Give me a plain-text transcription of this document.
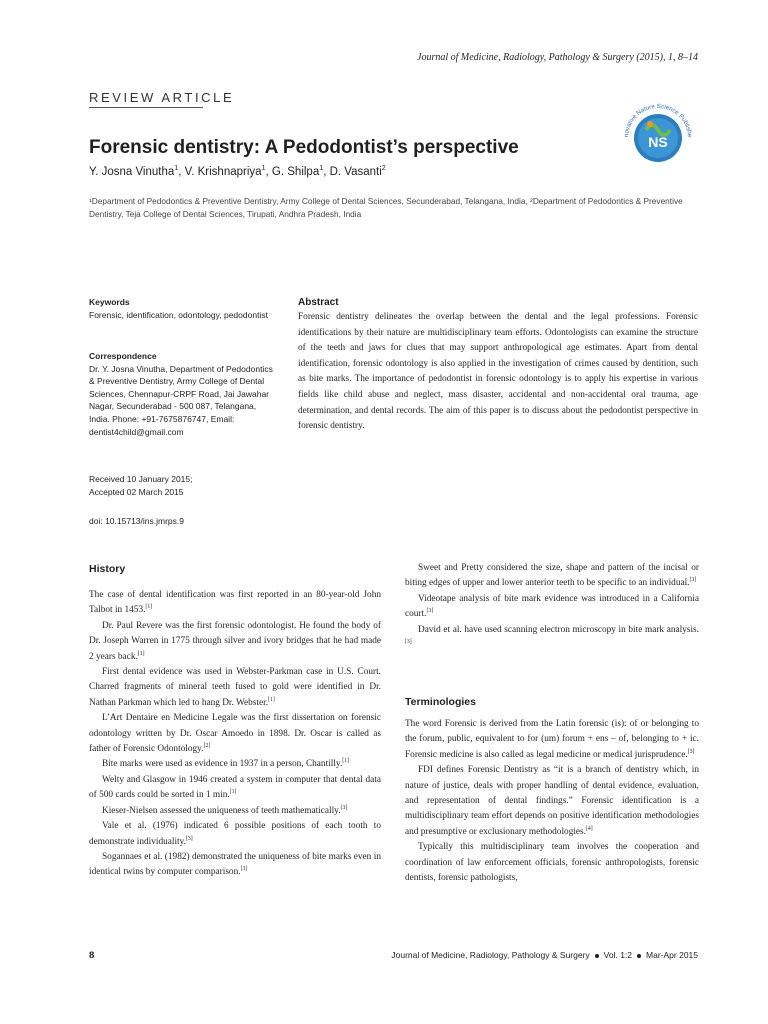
Journal of Medicine, Radiology, Pathology & Surgery (2015), 1, 8–14
REVIEW ARTICLE
NS
novative Nature Science Publishe
Forensic dentistry: A Pedodontist’s perspective
Y. Josna Vinutha$^1$, V. Krishnapriya$^1$, G. Shilpa$^1$, D. Vasanti$^2$
¹Department of Pedodontics & Preventive Dentistry, Army College of Dental Sciences, Secunderabad, Telangana, India, ²Department of Pedodontics & Preventive Dentistry, Teja College of Dental Sciences, Tirupati, Andhra Pradesh, India
Keywords
Forensic, identification, odontology, pedodontist
Correspondence
Dr. Y. Josna Vinutha, Department of Pedodontics & Preventive Dentistry, Army College of Dental Sciences, Chennapur-CRPF Road, Jai Jawahar Nagar, Secunderabad - 500 087, Telangana, India. Phone: +91-7675876747, Email: dentist4child@gmail.com
Received 10 January 2015;
Accepted 02 March 2015
doi: 10.15713/ins.jmrps.9
Abstract
Forensic dentistry delineates the overlap between the dental and the legal professions. Forensic identifications by their nature are multidisciplinary team efforts. Odontologists can examine the structure of the teeth and jaws for clues that may support anthropological age estimates. Apart from dental identification, forensic odontology is also applied in the investigation of crimes caused by dentition, such as bite marks. The importance of pedodontist in forensic odontology is to apply his expertise in various fields like child abuse and neglect, mass disaster, accidental and non-accidental oral trauma, age determination, and dental records. The aim of this paper is to discuss about the pedodontist perspective in forensic dentistry.
History

The case of dental identification was first reported in an 80-year-old John Talbot in 1453.[1]

Dr. Paul Revere was the first forensic odontologist. He found the body of Dr. Joseph Warren in 1775 through silver and ivory bridges that he had made 2 years back.[1]

First dental evidence was used in Webster-Parkman case in U.S. Court. Charred fragments of mineral teeth fused to gold were identified in Dr. Nathan Parkman which led to hang Dr. Webster.[1]

L’Art Dentaire en Medicine Legale was the first dissertation on forensic odontology written by Dr. Oscar Amoedo in 1898. Dr. Oscar is called as father of Forensic Odontology.[2]

Bite marks were used as evidence in 1937 in a person, Chantilly.[1]

Welty and Glasgow in 1946 created a system in computer that dental data of 500 cards could be sorted in 1 min.[1]

Kieser-Nielsen assessed the uniqueness of teeth mathematically.[3]

Vale et al. (1976) indicated 6 possible positions of each tooth to demonstrate individuality.[3]

Sogannaes et al. (1982) demonstrated the uniqueness of bite marks even in identical twins by computer comparison.[3]

Sweet and Pretty considered the size, shape and pattern of the incisal or biting edges of upper and lower anterior teeth to be specific to an individual.[3]

Videotape analysis of bite mark evidence was introduced in a California court.[3]

David et al. have used scanning electron microscopy in bite mark analysis.[3]

Terminologies

The word Forensic is derived from the Latin forensic (is): of or belonging to the forum, public, equivalent to for (um) forum + ens – of, belonging to + ic. Forensic medicine is also called as legal medicine or medical jurisprudence.[3]

FDI defines Forensic Dentistry as “it is a branch of dentistry which, in nature of justice, deals with proper handling of dental evidence, evaluation, and representation of dental findings.” Forensic identification is a multidisciplinary team effort depends on positive identification methodologies and presumptive or exclusionary methodologies.[4]

Typically this multidisciplinary team involves the cooperation and coordination of law enforcement officials, forensic anthropologists, forensic dentists, forensic pathologists,

8	Journal of Medicine, Radiology, Pathology & Surgery Vol. 1:2 Mar-Apr 2015
